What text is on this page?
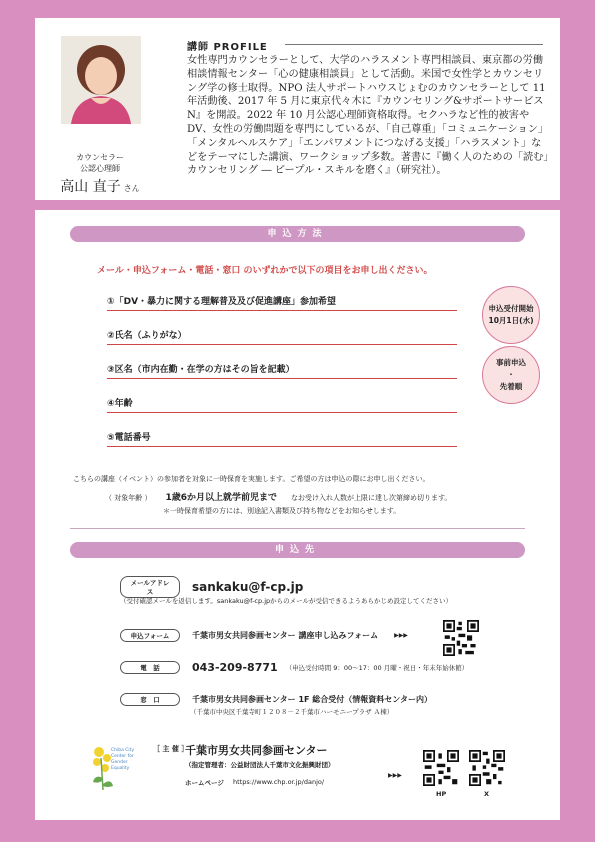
カウンセラー
公認心理師
高山 直子 さん
講師 PROFILE
女性専門カウンセラーとして、大学のハラスメント専門相談員、東京都の労働相談情報センター「心の健康相談員」として活動。米国で女性学とカウンセリング学の修士取得。NPO 法人サポートハウスじょむのカウンセラーとして 11 年活動後、2017 年 5 月に東京代々木に『カウンセリング&サポートサービス N』を開設。2022 年 10 月公認心理師資格取得。セクハラなど性的被害やDV、女性の労働問題を専門にしているが、「自己尊重」「コミュニケーション」「メンタルヘルスケア」「エンパワメントにつなげる支援」「ハラスメント」などをテーマにした講演、ワークショップ多数。著書に『働く人のための「読む」カウンセリング ― ピープル・スキルを磨く』（研究社）。
申込方法
メール・申込フォーム・電話・窓口 のいずれかで以下の項目をお申し出ください。
①「DV・暴力に関する理解普及及び促進講座」参加希望
②氏名（ふりがな）
③区名（市内在勤・在学の方はその旨を記載）
④年齢
⑤電話番号
申込受付開始
10月1日(水)
事前申込
・
先着順
こちらの講座（イベント）の参加者を対象に一時保育を実施します。ご希望の方は申込の際にお申し出ください。
（ 対象年齢 ） 1歳6か月以上就学前児まで なお受け入れ人数が上限に達し次第締め切ります。
＊一時保育希望の方には、別途記入書類及び持ち物などをお知らせします。
申込先
メールアドレス	sankaku@f-cp.jp
（受付確認メールを返信します。sankaku@f-cp.jpからのメールが受信できるようあらかじめ設定してください）
申込フォーム	千葉市男女共同参画センター 講座申し込みフォーム	▶▶▶
電　話	043-209-8771 （申込受付時間 9：00～17：00 月曜・祝日・年末年始休館）
窓　口	千葉市男女共同参画センター 1F 総合受付（情報資料センター内）
（千葉市中央区千葉寺町１２０８－２千葉市ハーモニープラザ Ａ棟）
Chiba City
Center for
Gender
Equality
［ 主 催 ］
千葉市男女共同参画センター
（指定管理者：公益財団法人千葉市文化振興財団）
ホームページ https://www.chp.or.jp/danjo/
▶▶▶
HP	X
